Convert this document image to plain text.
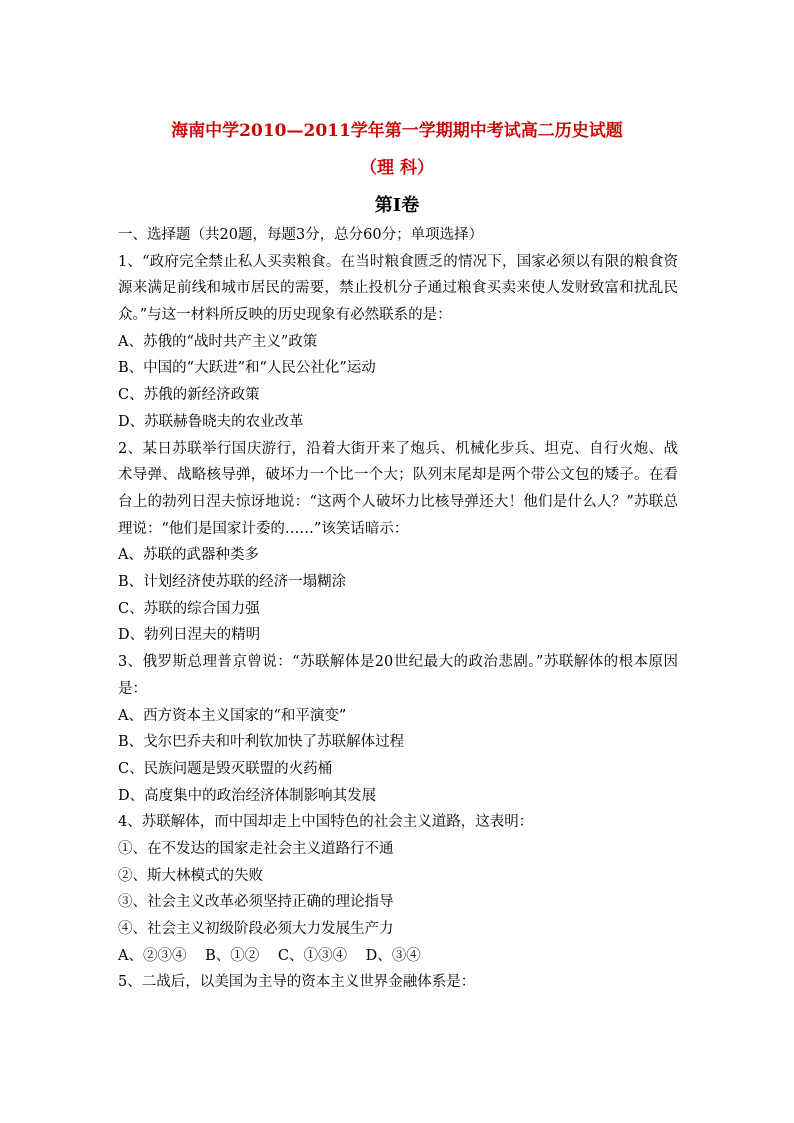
海南中学2010—2011学年第一学期期中考试高二历史试题
（理 科）
第Ⅰ卷
一、选择题（共20题，每题3分，总分60分；单项选择）
1、“政府完全禁止私人买卖粮食。在当时粮食匮乏的情况下，国家必须以有限的粮食资源来满足前线和城市居民的需要，禁止投机分子通过粮食买卖来使人发财致富和扰乱民众。”与这一材料所反映的历史现象有必然联系的是：
A、苏俄的“战时共产主义”政策
B、中国的“大跃进”和“人民公社化”运动
C、苏俄的新经济政策
D、苏联赫鲁晓夫的农业改革
2、某日苏联举行国庆游行，沿着大街开来了炮兵、机械化步兵、坦克、自行火炮、战术导弹、战略核导弹，破坏力一个比一个大；队列末尾却是两个带公文包的矮子。在看台上的勃列日涅夫惊讶地说：“这两个人破坏力比核导弹还大！他们是什么人？”苏联总理说：“他们是国家计委的……”该笑话暗示：
A、苏联的武器种类多
B、计划经济使苏联的经济一塌糊涂
C、苏联的综合国力强
D、勃列日涅夫的精明
3、俄罗斯总理普京曾说：“苏联解体是20世纪最大的政治悲剧。”苏联解体的根本原因是：
A、西方资本主义国家的“和平演变”
B、戈尔巴乔夫和叶利钦加快了苏联解体过程
C、民族问题是毁灭联盟的火药桶
D、高度集中的政治经济体制影响其发展
4、苏联解体，而中国却走上中国特色的社会主义道路，这表明：
①、在不发达的国家走社会主义道路行不通
②、斯大林模式的失败
③、社会主义改革必须坚持正确的理论指导
④、社会主义初级阶段必须大力发展生产力
A、②③④ B、①② C、①③④ D、③④
5、二战后，以美国为主导的资本主义世界金融体系是：
